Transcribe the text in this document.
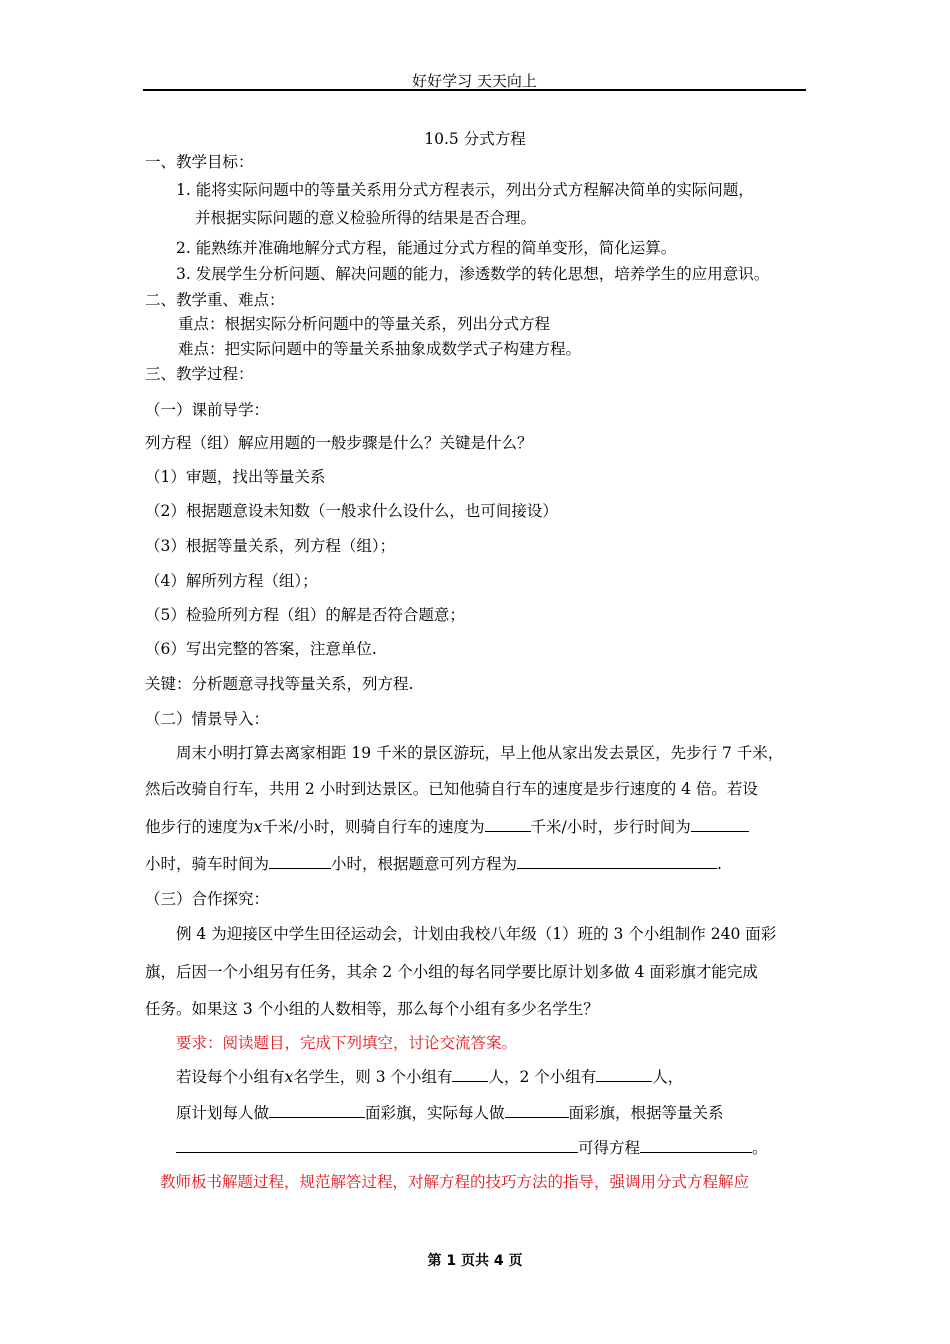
好好学习 天天向上
10.5 分式方程
一、教学目标：
1. 能将实际问题中的等量关系用分式方程表示，列出分式方程解决简单的实际问题，
并根据实际问题的意义检验所得的结果是否合理。
2. 能熟练并准确地解分式方程，能通过分式方程的简单变形，简化运算。
3. 发展学生分析问题、解决问题的能力，渗透数学的转化思想，培养学生的应用意识。
二、教学重、难点：
重点：根据实际分析问题中的等量关系，列出分式方程
难点：把实际问题中的等量关系抽象成数学式子构建方程。
三、教学过程：
（一）课前导学：
列方程（组）解应用题的一般步骤是什么？关键是什么？
（1）审题，找出等量关系
（2）根据题意设未知数（一般求什么设什么，也可间接设）
（3）根据等量关系，列方程（组）；
（4）解所列方程（组）；
（5）检验所列方程（组）的解是否符合题意；
（6）写出完整的答案，注意单位.
关键：分析题意寻找等量关系，列方程.
（二）情景导入：
周末小明打算去离家相距 19 千米的景区游玩，早上他从家出发去景区，先步行 7 千米，
然后改骑自行车，共用 2 小时到达景区。已知他骑自行车的速度是步行速度的 4 倍。若设
他步行的速度为x千米/小时，则骑自行车的速度为	千米/小时，步行时间为
小时，骑车时间为	小时，根据题意可列方程为	.
（三）合作探究：
例 4 为迎接区中学生田径运动会，计划由我校八年级（1）班的 3 个小组制作 240 面彩
旗，后因一个小组另有任务，其余 2 个小组的每名同学要比原计划多做 4 面彩旗才能完成
任务。如果这 3 个小组的人数相等，那么每个小组有多少名学生？
要求：阅读题目，完成下列填空，讨论交流答案。
若设每个小组有x名学生，则 3 个小组有 人，2 个小组有	人，
原计划每人做	面彩旗，实际每人做	面彩旗，根据等量关系
可得方程	。
教师板书解题过程，规范解答过程，对解方程的技巧方法的指导，强调用分式方程解应
第 1 页共 4 页
